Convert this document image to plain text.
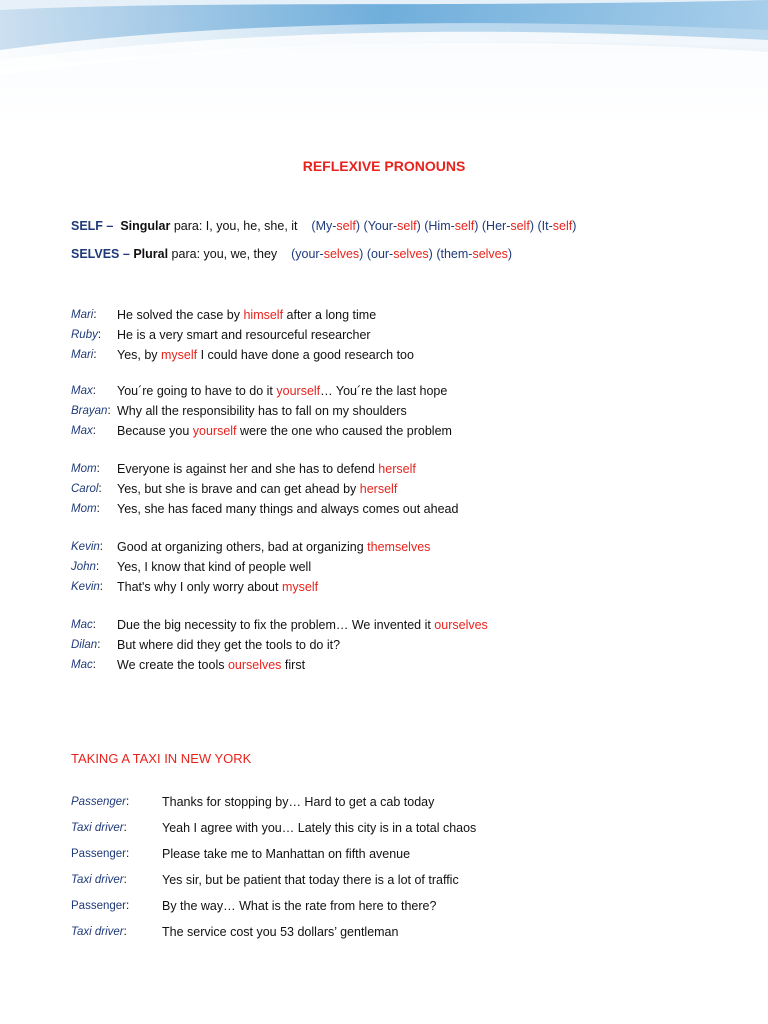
REFLEXIVE PRONOUNS
SELF – Singular para: I, you, he, she, it (My-self) (Your-self) (Him-self) (Her-self) (It-self)
SELVES – Plural para: you, we, they (your-selves) (our-selves) (them-selves)
Mari: He solved the case by himself after a long time
Ruby: He is a very smart and resourceful researcher
Mari: Yes, by myself I could have done a good research too
Max: You´re going to have to do it yourself… You´re the last hope
Brayan: Why all the responsibility has to fall on my shoulders
Max: Because you yourself were the one who caused the problem
Mom: Everyone is against her and she has to defend herself
Carol: Yes, but she is brave and can get ahead by herself
Mom: Yes, she has faced many things and always comes out ahead
Kevin: Good at organizing others, bad at organizing themselves
John: Yes, I know that kind of people well
Kevin: That's why I only worry about myself
Mac: Due the big necessity to fix the problem… We invented it ourselves
Dilan: But where did they get the tools to do it?
Mac: We create the tools ourselves first
TAKING A TAXI IN NEW YORK
Passenger:	Thanks for stopping by… Hard to get a cab today
Taxi driver:	Yeah I agree with you… Lately this city is in a total chaos
Passenger:	Please take me to Manhattan on fifth avenue
Taxi driver:	Yes sir, but be patient that today there is a lot of traffic
Passenger:	By the way… What is the rate from here to there?
Taxi driver:	The service cost you 53 dollars’ gentleman
